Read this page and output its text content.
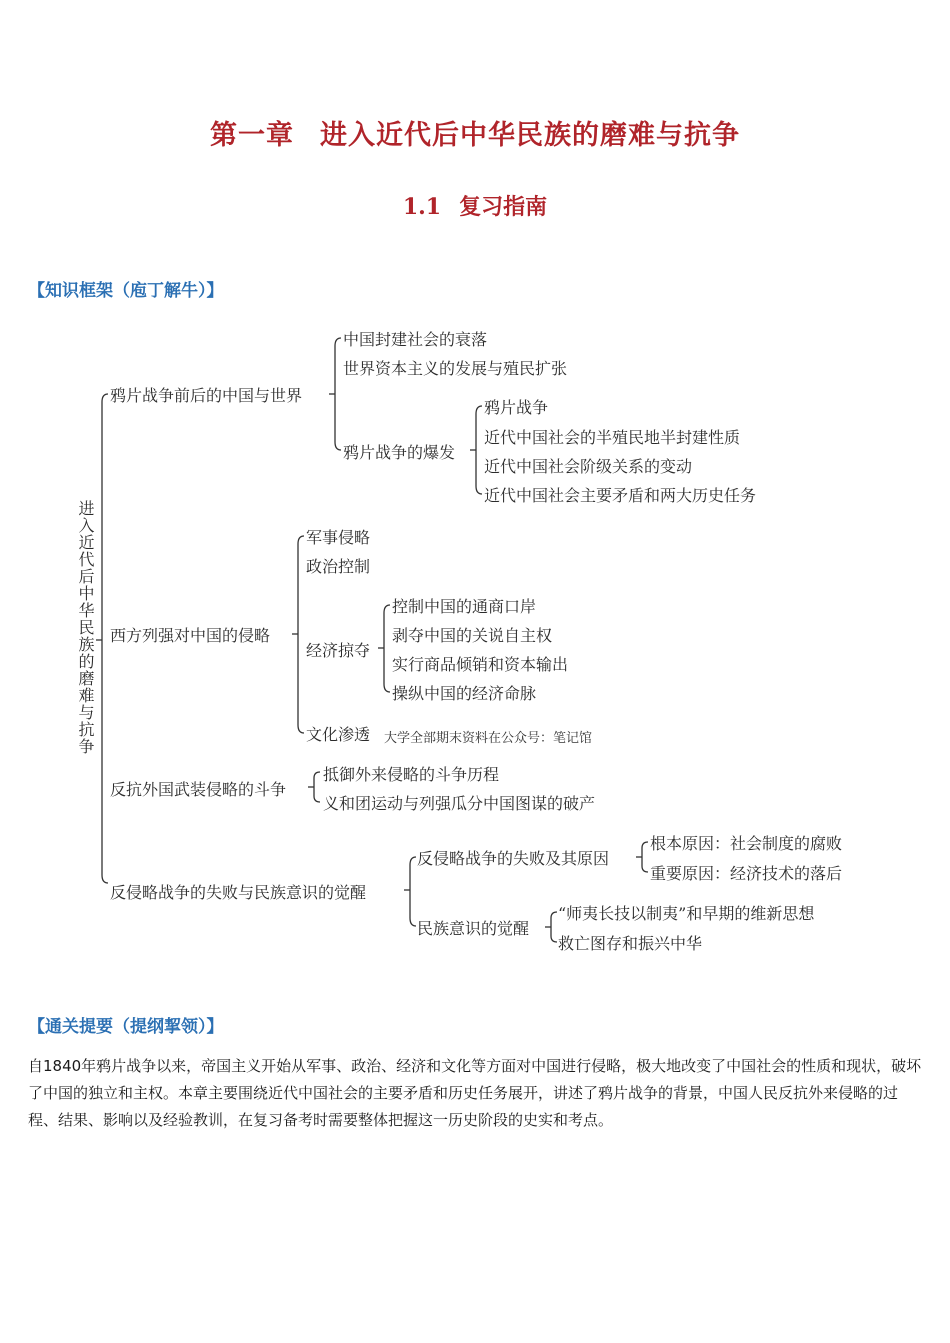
第一章 进入近代后中华民族的磨难与抗争
1.1 复习指南
【知识框架（庖丁解牛）】
进入近代后中华民族的磨难与抗争
鸦片战争前后的中国与世界
中国封建社会的衰落
世界资本主义的发展与殖民扩张
鸦片战争的爆发
鸦片战争
近代中国社会的半殖民地半封建性质
近代中国社会阶级关系的变动
近代中国社会主要矛盾和两大历史任务
西方列强对中国的侵略
军事侵略
政治控制
经济掠夺
控制中国的通商口岸
剥夺中国的关说自主权
实行商品倾销和资本输出
操纵中国的经济命脉
文化渗透 大学全部期末资料在公众号：笔记馆
反抗外国武装侵略的斗争
抵御外来侵略的斗争历程
义和团运动与列强瓜分中国图谋的破产
反侵略战争的失败与民族意识的觉醒
反侵略战争的失败及其原因
根本原因：社会制度的腐败
重要原因：经济技术的落后
民族意识的觉醒
“师夷长技以制夷”和早期的维新思想
救亡图存和振兴中华
【通关提要（提纲挈领）】
自1840年鸦片战争以来，帝国主义开始从军事、政治、经济和文化等方面对中国进行侵略，极大地改变了中国社会的性质和现状，破坏了中国的独立和主权。本章主要围绕近代中国社会的主要矛盾和历史任务展开，讲述了鸦片战争的背景，中国人民反抗外来侵略的过程、结果、影响以及经验教训，在复习备考时需要整体把握这一历史阶段的史实和考点。
